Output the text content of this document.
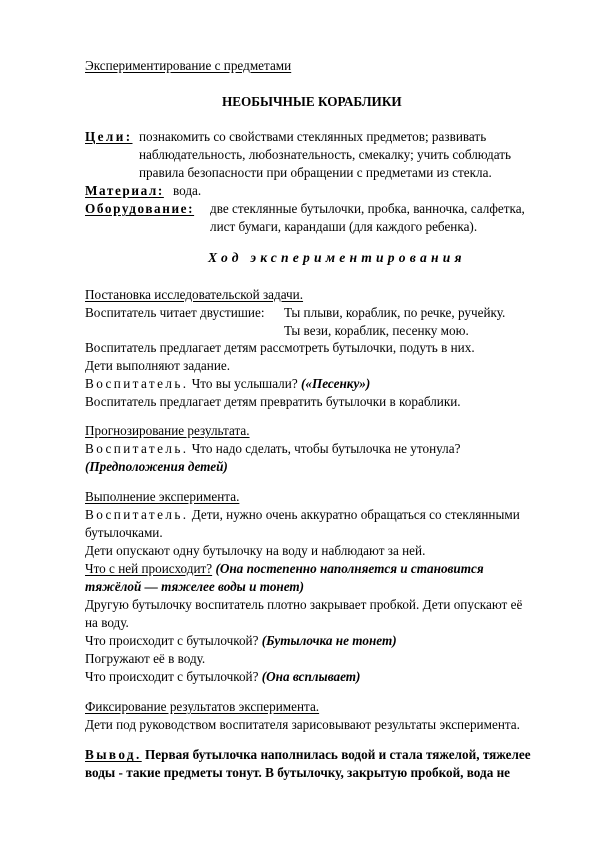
Экспериментирование с предметами
НЕОБЫЧНЫЕ КОРАБЛИКИ
Цели: познакомить со свойствами стеклянных предметов; развивать
наблюдательность, любознательность, смекалку; учить соблюдать
правила безопасности при обращении с предметами из стекла.
Материал: вода.
Оборудование: две стеклянные бутылочки, пробка, ванночка, салфетка,
лист бумаги, карандаши (для каждого ребенка).
Ход экспериментирования
Постановка исследовательской задачи.
Воспитатель читает двустишие: Ты плыви, кораблик, по речке, ручейку.
Ты вези, кораблик, песенку мою.
Воспитатель предлагает детям рассмотреть бутылочки, подуть в них.
Дети выполняют задание.
Воспитатель. Что вы услышали? («Песенку»)
Воспитатель предлагает детям превратить бутылочки в кораблики.
Прогнозирование результата.
Воспитатель. Что надо сделать, чтобы бутылочка не утонула?
(Предположения детей)
Выполнение эксперимента.
Воспитатель. Дети, нужно очень аккуратно обращаться со стеклянными
бутылочками.
Дети опускают одну бутылочку на воду и наблюдают за ней.
Что с ней происходит? (Она постепенно наполняется и становится
тяжёлой — тяжелее воды и тонет)
Другую бутылочку воспитатель плотно закрывает пробкой. Дети опускают её
на воду.
Что происходит с бутылочкой? (Бутылочка не тонет)
Погружают её в воду.
Что происходит с бутылочкой? (Она всплывает)
Фиксирование результатов эксперимента.
Дети под руководством воспитателя зарисовывают результаты эксперимента.
Вывод. Первая бутылочка наполнилась водой и стала тяжелой, тяжелее
воды - такие предметы тонут. В бутылочку, закрытую пробкой, вода не
